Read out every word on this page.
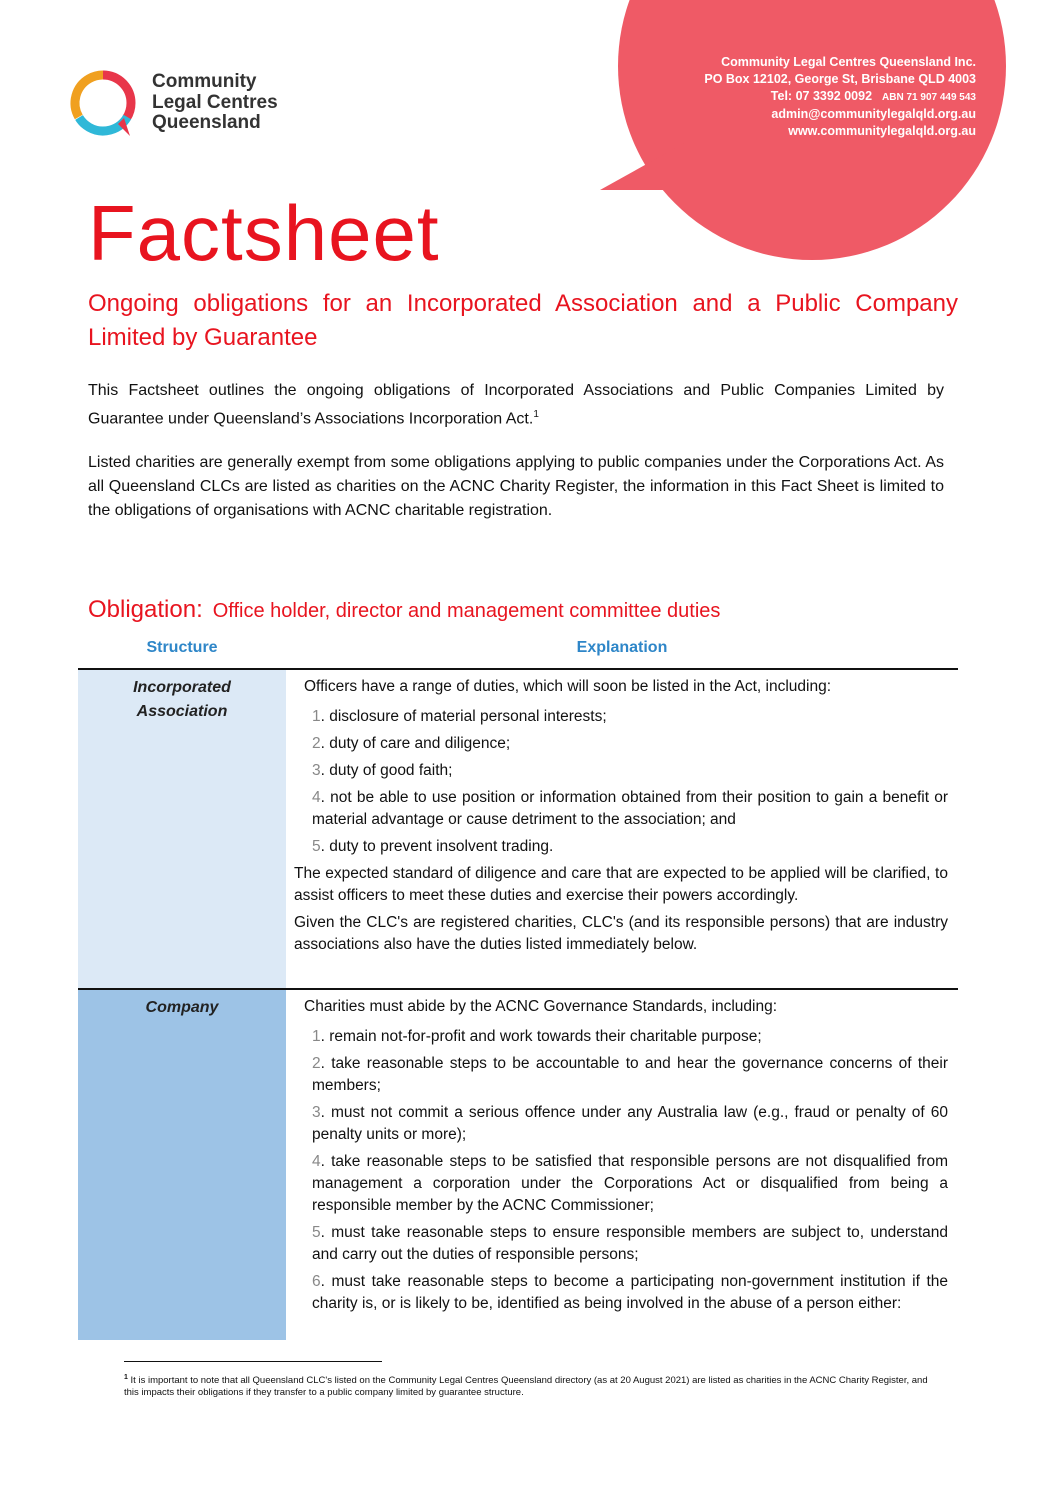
Community Legal Centres Queensland Inc.
PO Box 12102, George St, Brisbane QLD 4003
Tel: 07 3392 0092 ABN 71 907 449 543
admin@communitylegalqld.org.au
www.communitylegalqld.org.au
Community
Legal Centres
Queensland
Factsheet
Ongoing obligations for an Incorporated Association and a Public Company Limited by Guarantee
This Factsheet outlines the ongoing obligations of Incorporated Associations and Public Companies Limited by Guarantee under Queensland’s Associations Incorporation Act.$^1$
Listed charities are generally exempt from some obligations applying to public companies under the Corporations Act. As all Queensland CLCs are listed as charities on the ACNC Charity Register, the information in this Fact Sheet is limited to the obligations of organisations with ACNC charitable registration.
Obligation: Office holder, director and management committee duties
Structure	Explanation
Incorporated
Association
Officers have a range of duties, which will soon be listed in the Act, including:
1. disclosure of material personal interests;
2. duty of care and diligence;
3. duty of good faith;
4. not be able to use position or information obtained from their position to gain a benefit or material advantage or cause detriment to the association; and
5. duty to prevent insolvent trading.
The expected standard of diligence and care that are expected to be applied will be clarified, to assist officers to meet these duties and exercise their powers accordingly.
Given the CLC's are registered charities, CLC's (and its responsible persons) that are industry associations also have the duties listed immediately below.
Company	Charities must abide by the ACNC Governance Standards, including:
1. remain not-for-profit and work towards their charitable purpose;
2. take reasonable steps to be accountable to and hear the governance concerns of their members;
3. must not commit a serious offence under any Australia law (e.g., fraud or penalty of 60 penalty units or more);
4. take reasonable steps to be satisfied that responsible persons are not disqualified from management a corporation under the Corporations Act or disqualified from being a responsible member by the ACNC Commissioner;
5. must take reasonable steps to ensure responsible members are subject to, understand and carry out the duties of responsible persons;
6. must take reasonable steps to become a participating non-government institution if the charity is, or is likely to be, identified as being involved in the abuse of a person either:
$^1$ It is important to note that all Queensland CLC's listed on the Community Legal Centres Queensland directory (as at 20 August 2021) are listed as charities in the ACNC Charity Register, and this impacts their obligations if they transfer to a public company limited by guarantee structure.
